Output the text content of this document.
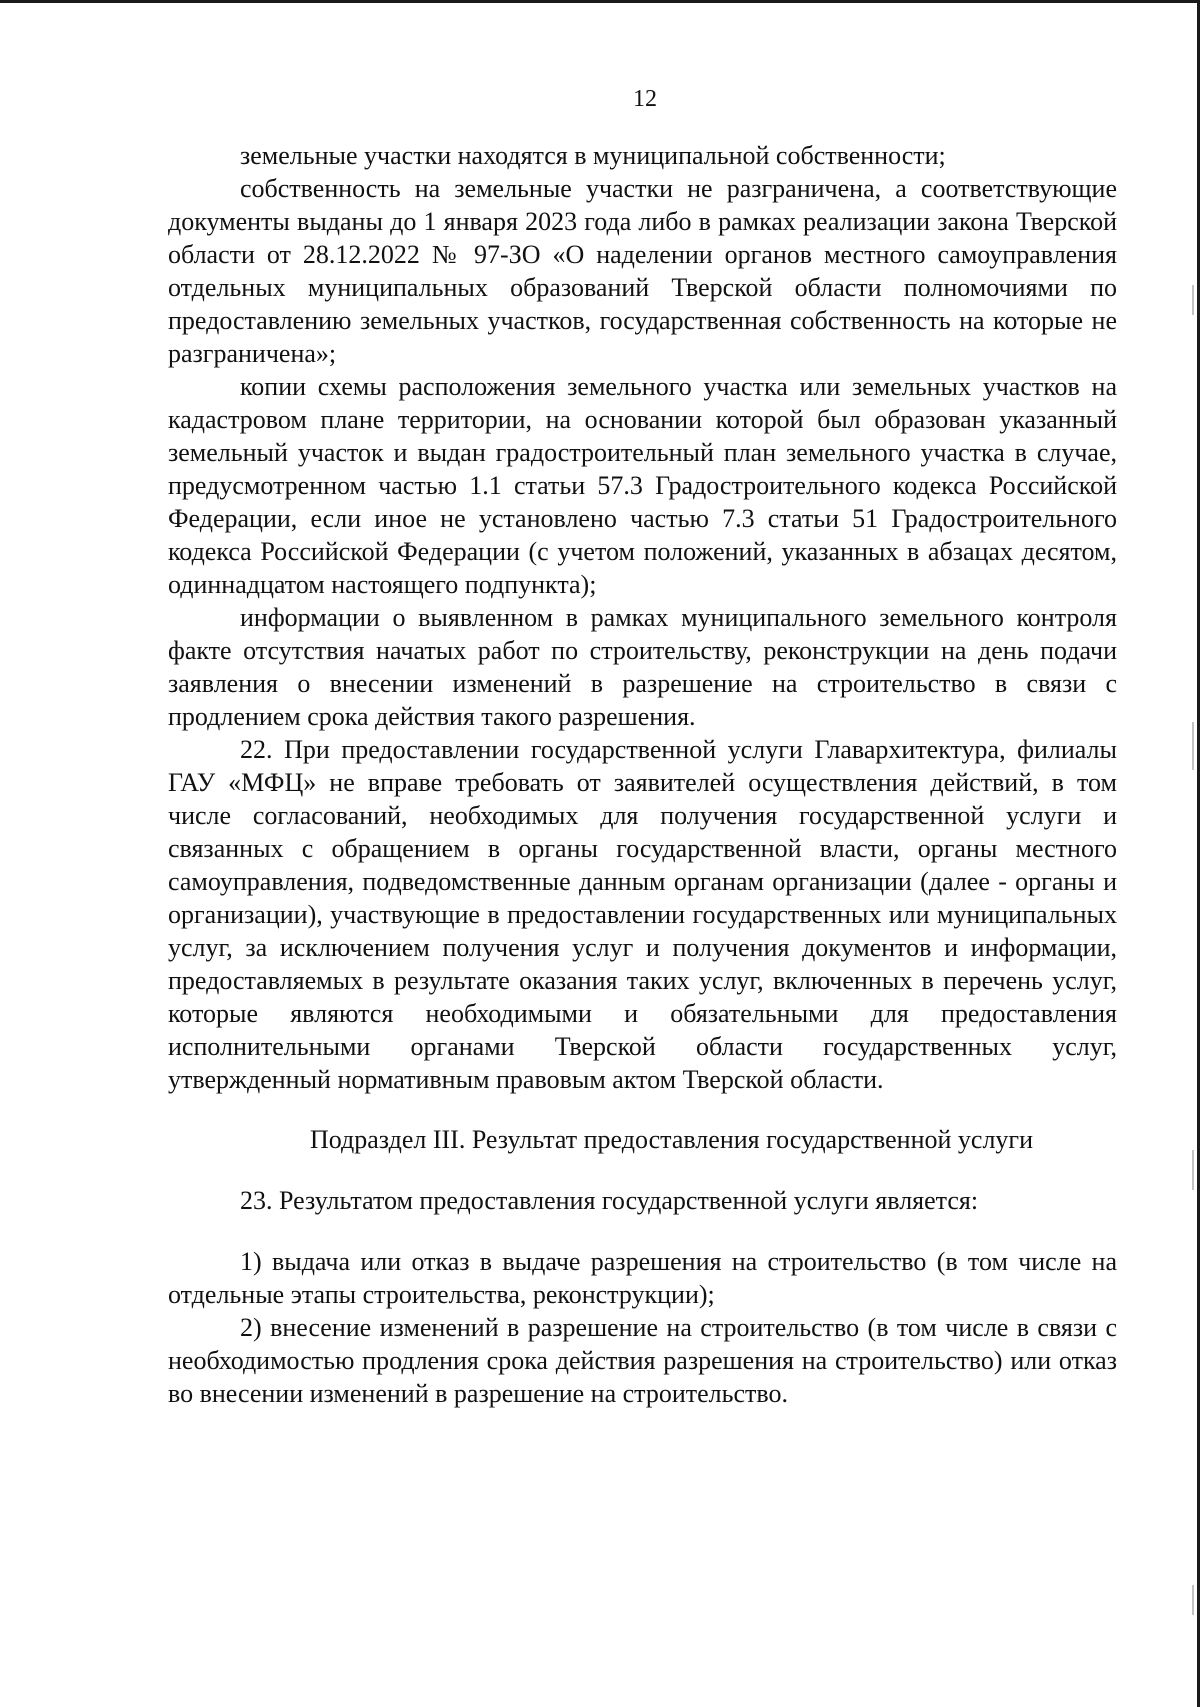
12

земельные участки находятся в муниципальной собственности;

собственность на земельные участки не разграничена, а соответствующие документы выданы до 1 января 2023 года либо в рамках реализации закона Тверской области от 28.12.2022 № 97-ЗО «О наделении органов местного самоуправления отдельных муниципальных образований Тверской области полномочиями по предоставлению земельных участков, государственная собственность на которые не разграничена»;

копии схемы расположения земельного участка или земельных участков на кадастровом плане территории, на основании которой был образован указанный земельный участок и выдан градостроительный план земельного участка в случае, предусмотренном частью 1.1 статьи 57.3 Градостроительного кодекса Российской Федерации, если иное не установлено частью 7.3 статьи 51 Градостроительного кодекса Российской Федерации (с учетом положений, указанных в абзацах десятом, одиннадцатом настоящего подпункта);

информации о выявленном в рамках муниципального земельного контроля факте отсутствия начатых работ по строительству, реконструкции на день подачи заявления о внесении изменений в разрешение на строительство в связи с продлением срока действия такого разрешения.

22. При предоставлении государственной услуги Главархитектура, филиалы ГАУ «МФЦ» не вправе требовать от заявителей осуществления действий, в том числе согласований, необходимых для получения государственной услуги и связанных с обращением в органы государственной власти, органы местного самоуправления, подведомственные данным органам организации (далее - органы и организации), участвующие в предоставлении государственных или муниципальных услуг, за исключением получения услуг и получения документов и информации, предоставляемых в результате оказания таких услуг, включенных в перечень услуг, которые являются необходимыми и обязательными для предоставления исполнительными органами Тверской области государственных услуг, утвержденный нормативным правовым актом Тверской области.

Подраздел III. Результат предоставления государственной услуги

23. Результатом предоставления государственной услуги является:

1) выдача или отказ в выдаче разрешения на строительство (в том числе на отдельные этапы строительства, реконструкции);

2) внесение изменений в разрешение на строительство (в том числе в связи с необходимостью продления срока действия разрешения на строительство) или отказ во внесении изменений в разрешение на строительство.
